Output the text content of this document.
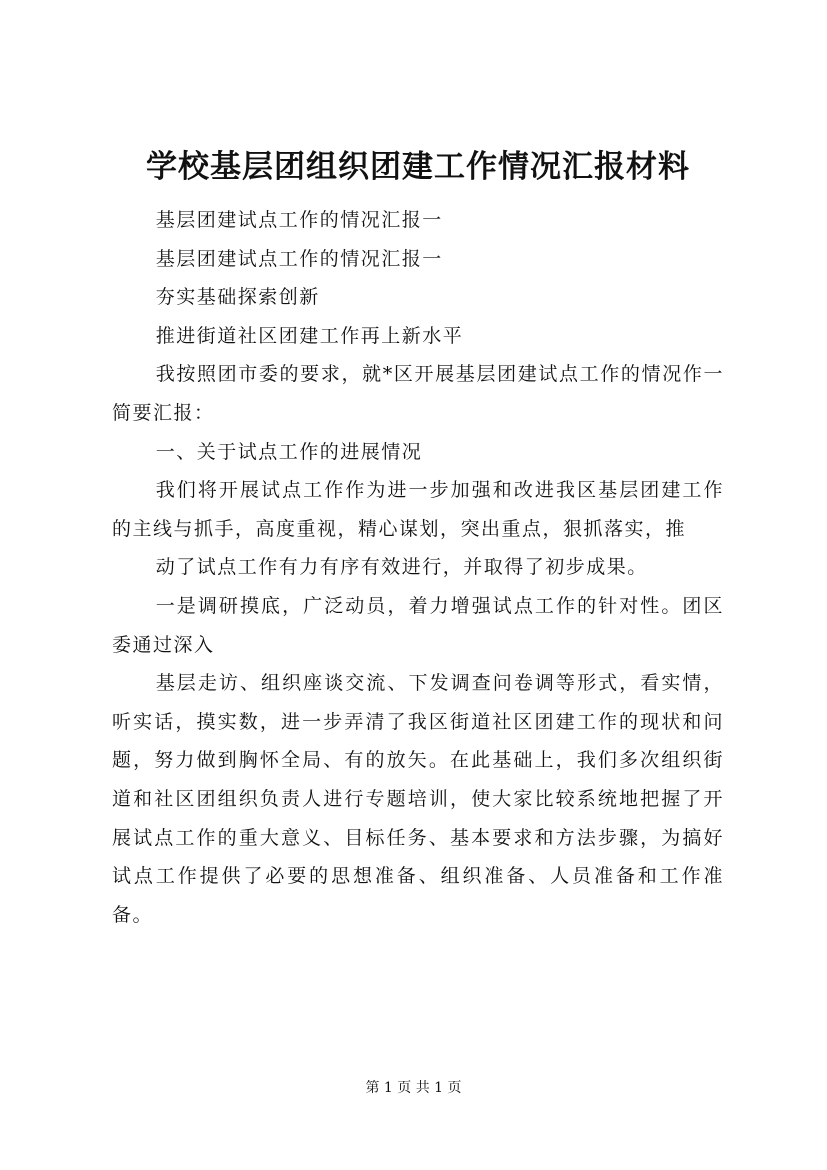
学校基层团组织团建工作情况汇报材料

基层团建试点工作的情况汇报一

基层团建试点工作的情况汇报一

夯实基础探索创新

推进街道社区团建工作再上新水平

我按照团市委的要求，就*区开展基层团建试点工作的情况作一简要汇报：

一、关于试点工作的进展情况

我们将开展试点工作作为进一步加强和改进我区基层团建工作的主线与抓手，高度重视，精心谋划，突出重点，狠抓落实，推

动了试点工作有力有序有效进行，并取得了初步成果。

一是调研摸底，广泛动员，着力增强试点工作的针对性。团区委通过深入

基层走访、组织座谈交流、下发调查问卷调等形式，看实情，听实话，摸实数，进一步弄清了我区街道社区团建工作的现状和问题，努力做到胸怀全局、有的放矢。在此基础上，我们多次组织街道和社区团组织负责人进行专题培训，使大家比较系统地把握了开展试点工作的重大意义、目标任务、基本要求和方法步骤，为搞好试点工作提供了必要的思想准备、组织准备、人员准备和工作准备。

第 1 页 共 1 页
